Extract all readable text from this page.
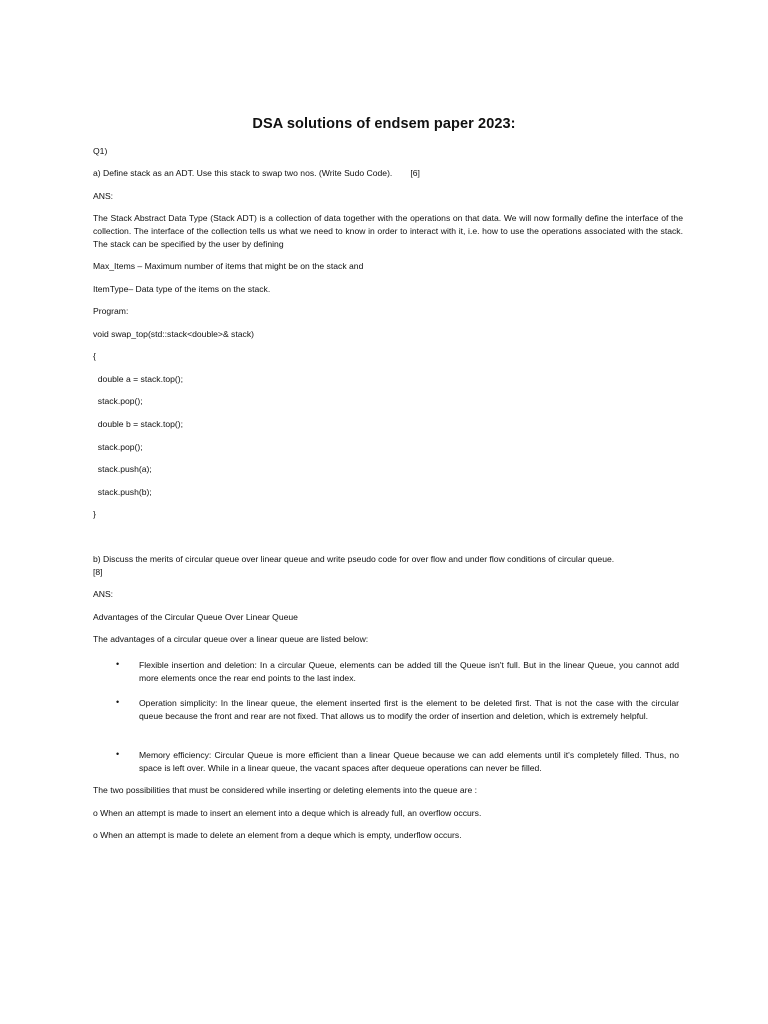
DSA solutions of endsem paper 2023:
Q1)
a) Define stack as an ADT. Use this stack to swap two nos. (Write Sudo Code). [6]
ANS:
The Stack Abstract Data Type (Stack ADT) is a collection of data together with the operations on that data. We will now formally define the interface of the collection. The interface of the collection tells us what we need to know in order to interact with it, i.e. how to use the operations associated with the stack. The stack can be specified by the user by defining
Max_Items – Maximum number of items that might be on the stack and
ItemType– Data type of the items on the stack.
Program:
void swap_top(std::stack<double>& stack)
{
double a = stack.top();
stack.pop();
double b = stack.top();
stack.pop();
stack.push(a);
stack.push(b);
}
b) Discuss the merits of circular queue over linear queue and write pseudo code for over flow and under flow conditions of circular queue.
[8]
ANS:
Advantages of the Circular Queue Over Linear Queue
The advantages of a circular queue over a linear queue are listed below:
• Flexible insertion and deletion: In a circular Queue, elements can be added till the Queue isn't full. But in the linear Queue, you cannot add more elements once the rear end points to the last index.
• Operation simplicity: In the linear queue, the element inserted first is the element to be deleted first. That is not the case with the circular queue because the front and rear are not fixed. That allows us to modify the order of insertion and deletion, which is extremely helpful.
• Memory efficiency: Circular Queue is more efficient than a linear Queue because we can add elements until it's completely filled. Thus, no space is left over. While in a linear queue, the vacant spaces after dequeue operations can never be filled.
The two possibilities that must be considered while inserting or deleting elements into the queue are :
o When an attempt is made to insert an element into a deque which is already full, an overflow occurs.
o When an attempt is made to delete an element from a deque which is empty, underflow occurs.
